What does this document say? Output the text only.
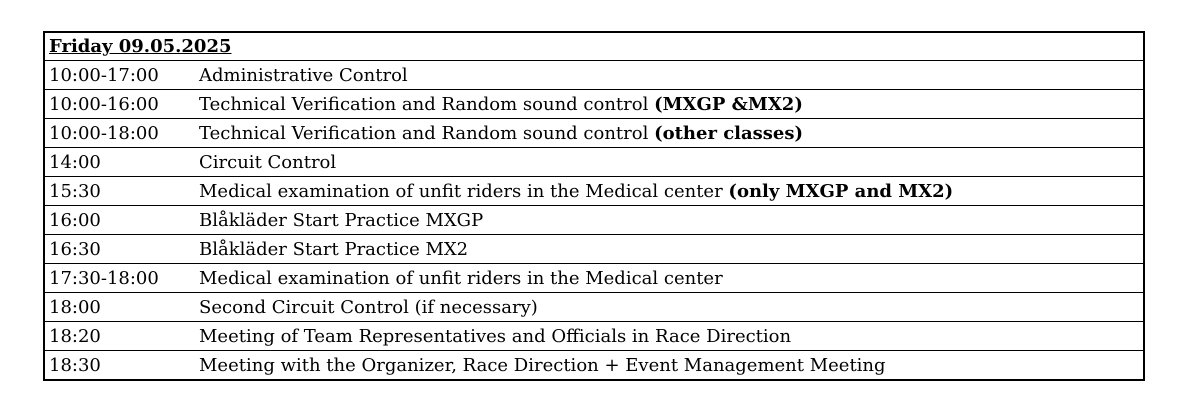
Friday 09.05.2025	
10:00-17:00	Administrative Control
10:00-16:00	Technical Verification and Random sound control (MXGP &MX2)
10:00-18:00	Technical Verification and Random sound control (other classes)
14:00	Circuit Control
15:30	Medical examination of unfit riders in the Medical center (only MXGP and MX2)
16:00	Blåkläder Start Practice MXGP
16:30	Blåkläder Start Practice MX2
17:30-18:00	Medical examination of unfit riders in the Medical center
18:00	Second Circuit Control (if necessary)
18:20	Meeting of Team Representatives and Officials in Race Direction
18:30	Meeting with the Organizer, Race Direction + Event Management Meeting
